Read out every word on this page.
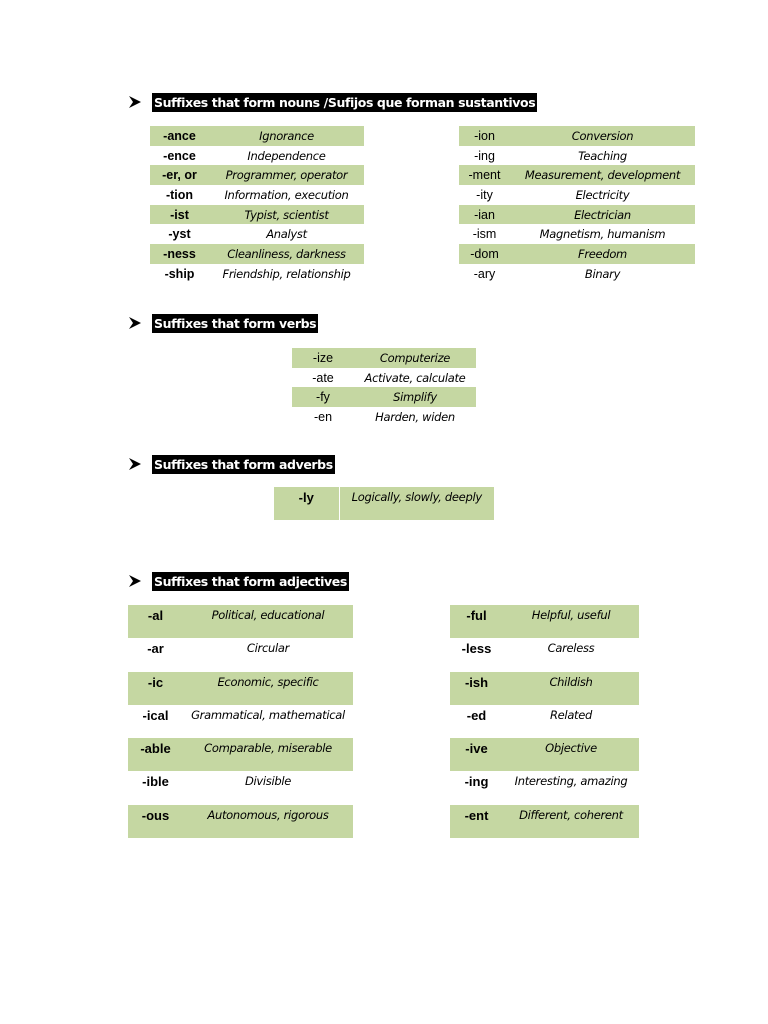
Suffixes that form nouns /Sufijos que forman sustantivos
-ance	Ignorance
-ence	Independence
-er, or	Programmer, operator
-tion	Information, execution
-ist	Typist, scientist
-yst	Analyst
-ness	Cleanliness, darkness
-ship	Friendship, relationship
-ion	Conversion
-ing	Teaching
-ment	Measurement, development
-ity	Electricity
-ian	Electrician
-ism	Magnetism, humanism
-dom	Freedom
-ary	Binary
Suffixes that form verbs
-ize	Computerize
-ate	Activate, calculate
-fy	Simplify
-en	Harden, widen
Suffixes that form adverbs
-ly	Logically, slowly, deeply
Suffixes that form adjectives
-al	Political, educational
-ar	Circular
-ic	Economic, specific
-ical	Grammatical, mathematical
-able	Comparable, miserable
-ible	Divisible
-ous	Autonomous, rigorous
-ful	Helpful, useful
-less	Careless
-ish	Childish
-ed	Related
-ive	Objective
-ing	Interesting, amazing
-ent	Different, coherent
